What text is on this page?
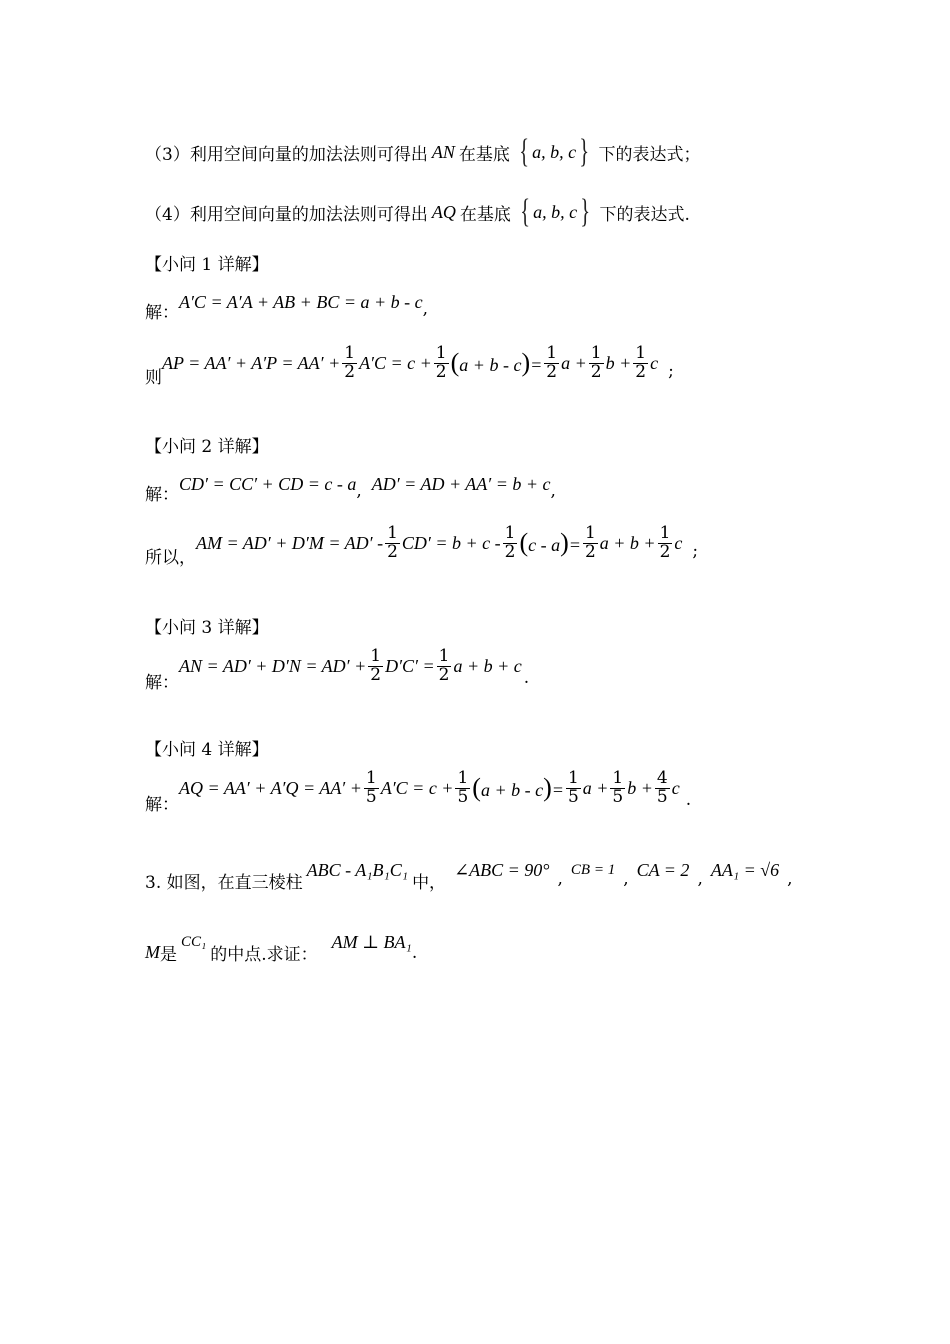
（3）利用空间向量的加法法则可得出 AN 在基底 { a, b, c } 下的表达式；
（4）利用空间向量的加法法则可得出 AQ 在基底 { a, b, c } 下的表达式.
【小问 1 详解】
解：
A′C = A′A + AB + BC = a + b - c ,
则
AP = $AA' + A'P = AA' + \frac{1}{2} A'C = c + \frac{1}{2} (a + b - c)= \frac{1}{2}$ $a + \frac{1}{2}$ $b + \frac{1}{2}$ c ;
【小问 2 详解】
解：
CD′ = CC′ + CD = c - a , AD′ = AD + AA′ = b + c ,
所以，
AM = $AD' + D'M = AD' - \frac{1}{2} CD' = b + c - \frac{1}{2} (c - a)= \frac{1}{2}$ $a + b + \frac{1}{2}$ c ;
【小问 3 详解】
解：
AN = $AD' + D'N = AD' + \frac{1}{2} D'C' = \frac{1}{2}$ a + b + c
.
【小问 4 详解】
解：
AQ = $AA' + A'Q = AA' + \frac{1}{5} A'C = c + \frac{1}{5} (a + b - c)= \frac{1}{5}$ $a + \frac{1}{5}$ $b + \frac{4}{5}$ c
.
3. 如图，在直三棱柱
ABC - A₁B₁C₁
中，
∠ABC = 90° , CB = 1 , CA = 2 , AA₁ = √6 ,
M 是
CC₁
的中点.求证：
AM ⊥ BA₁
.
